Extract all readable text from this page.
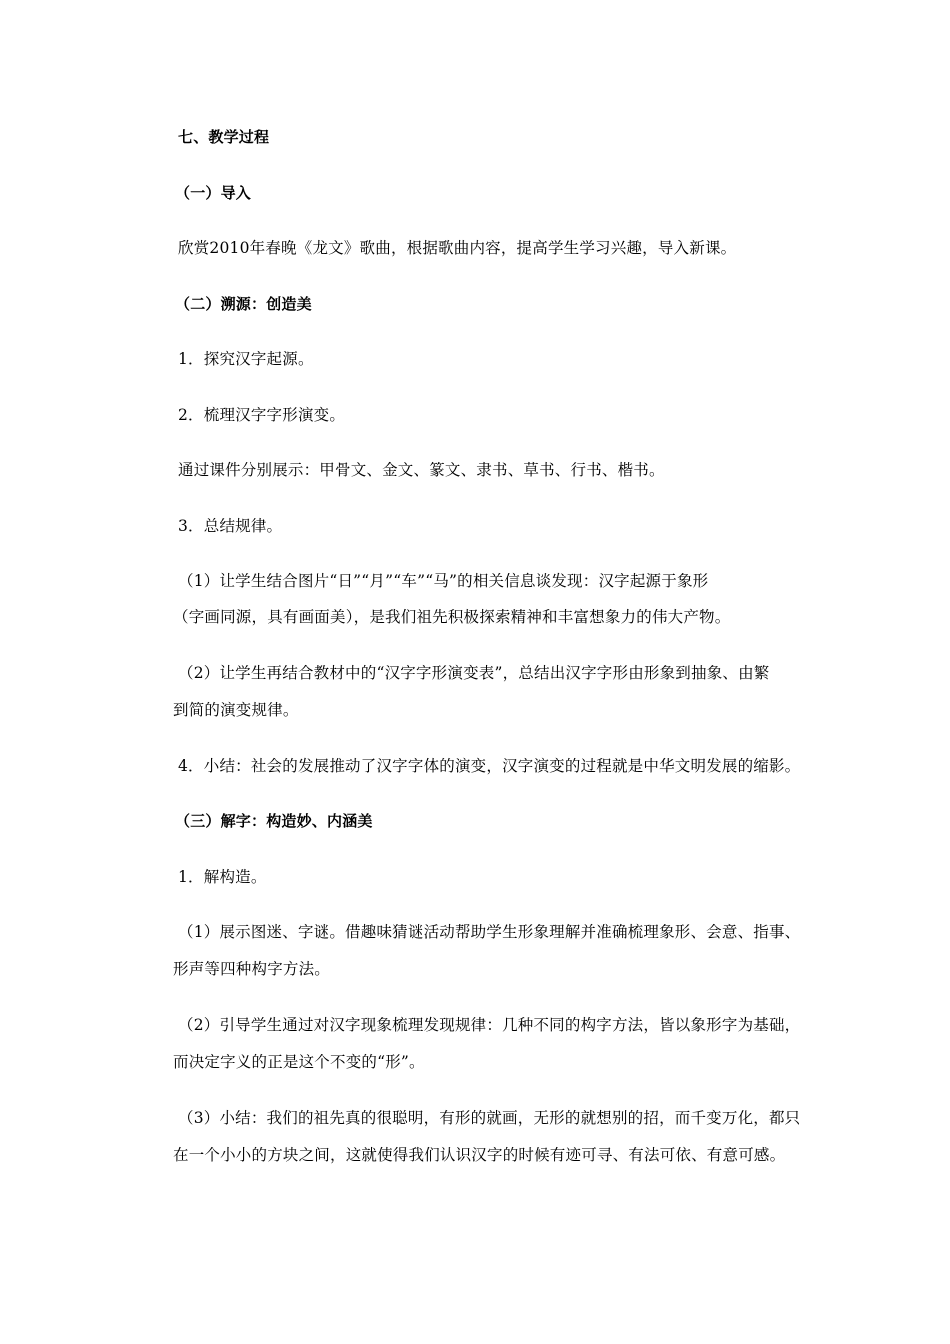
七、教学过程
（一）导入
欣赏2010年春晚《龙文》歌曲，根据歌曲内容，提高学生学习兴趣，导入新课。
（二）溯源：创造美
1．探究汉字起源。
2．梳理汉字字形演变。
通过课件分别展示：甲骨文、金文、篆文、隶书、草书、行书、楷书。
3．总结规律。
（1）让学生结合图片“日”“月”“车”“马”的相关信息谈发现：汉字起源于象形
（字画同源，具有画面美），是我们祖先积极探索精神和丰富想象力的伟大产物。
（2）让学生再结合教材中的“汉字字形演变表”，总结出汉字字形由形象到抽象、由繁
到简的演变规律。
4．小结：社会的发展推动了汉字字体的演变，汉字演变的过程就是中华文明发展的缩影。
（三）解字：构造妙、内涵美
1．解构造。
（1）展示图迷、字谜。借趣味猜谜活动帮助学生形象理解并准确梳理象形、会意、指事、
形声等四种构字方法。
（2）引导学生通过对汉字现象梳理发现规律：几种不同的构字方法，皆以象形字为基础，
而决定字义的正是这个不变的“形”。
（3）小结：我们的祖先真的很聪明，有形的就画，无形的就想别的招，而千变万化，都只
在一个小小的方块之间，这就使得我们认识汉字的时候有迹可寻、有法可依、有意可感。
